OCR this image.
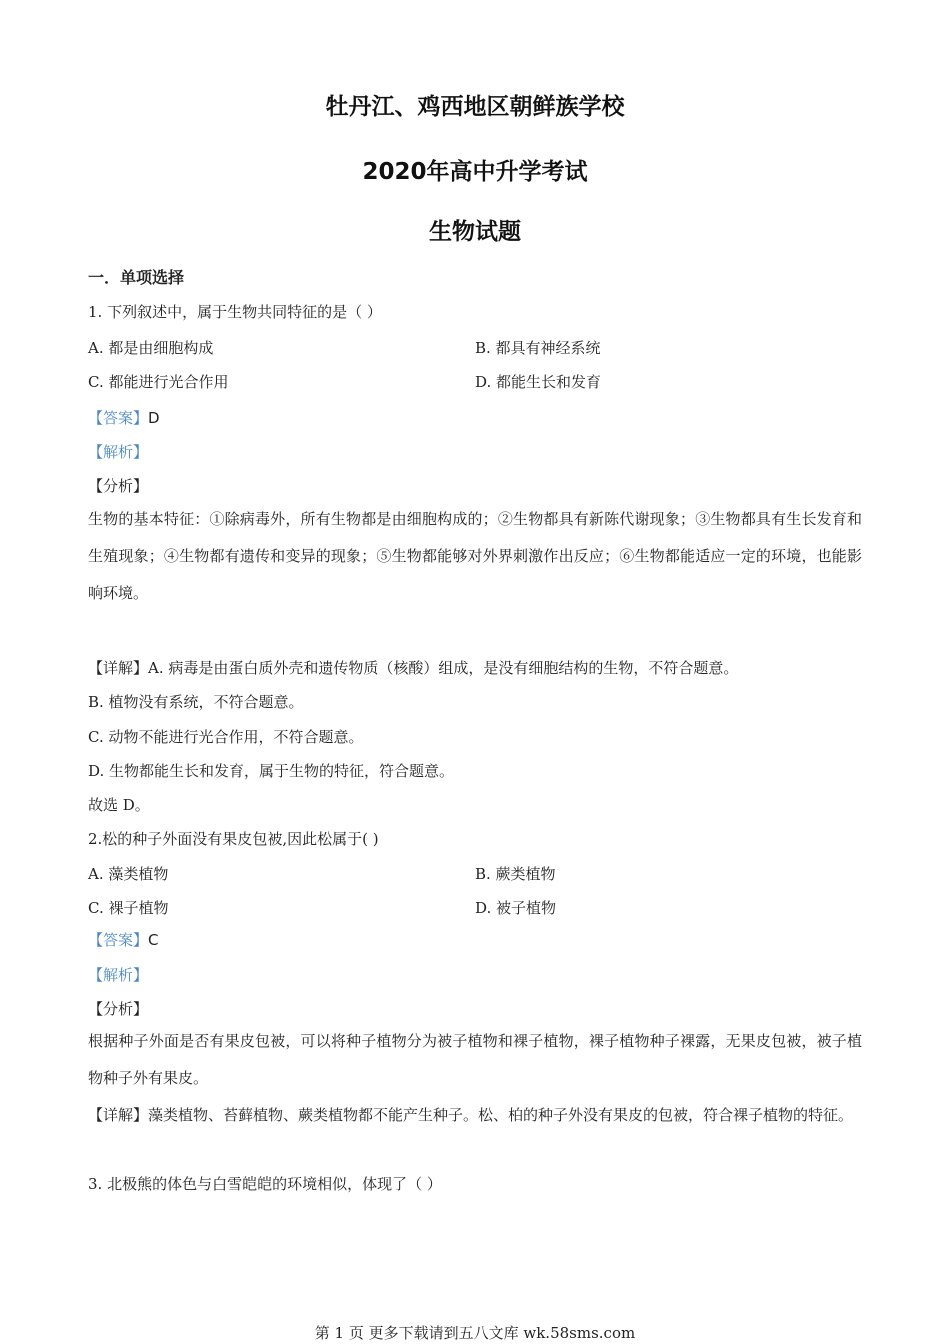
牡丹江、鸡西地区朝鲜族学校
2020年高中升学考试
生物试题
一．单项选择
1. 下列叙述中，属于生物共同特征的是（ ）
A. 都是由细胞构成	B. 都具有神经系统
C. 都能进行光合作用	D. 都能生长和发育
【答案】D
【解析】
【分析】
生物的基本特征：①除病毒外，所有生物都是由细胞构成的；②生物都具有新陈代谢现象；③生物都具有生长发育和生殖现象；④生物都有遗传和变异的现象；⑤生物都能够对外界刺激作出反应；⑥生物都能适应一定的环境，也能影响环境。
【详解】A. 病毒是由蛋白质外壳和遗传物质（核酸）组成，是没有细胞结构的生物，不符合题意。
B. 植物没有系统，不符合题意。
C. 动物不能进行光合作用，不符合题意。
D. 生物都能生长和发育，属于生物的特征，符合题意。
故选 D。
2.松的种子外面没有果皮包被,因此松属于( )
A. 藻类植物	B. 蕨类植物
C. 裸子植物	D. 被子植物
【答案】C
【解析】
【分析】
根据种子外面是否有果皮包被，可以将种子植物分为被子植物和裸子植物，裸子植物种子裸露，无果皮包被，被子植物种子外有果皮。
【详解】藻类植物、苔藓植物、蕨类植物都不能产生种子。松、柏的种子外没有果皮的包被，符合裸子植物的特征。
3. 北极熊的体色与白雪皑皑的环境相似，体现了（ ）
第 1 页 更多下载请到五八文库 wk.58sms.com
